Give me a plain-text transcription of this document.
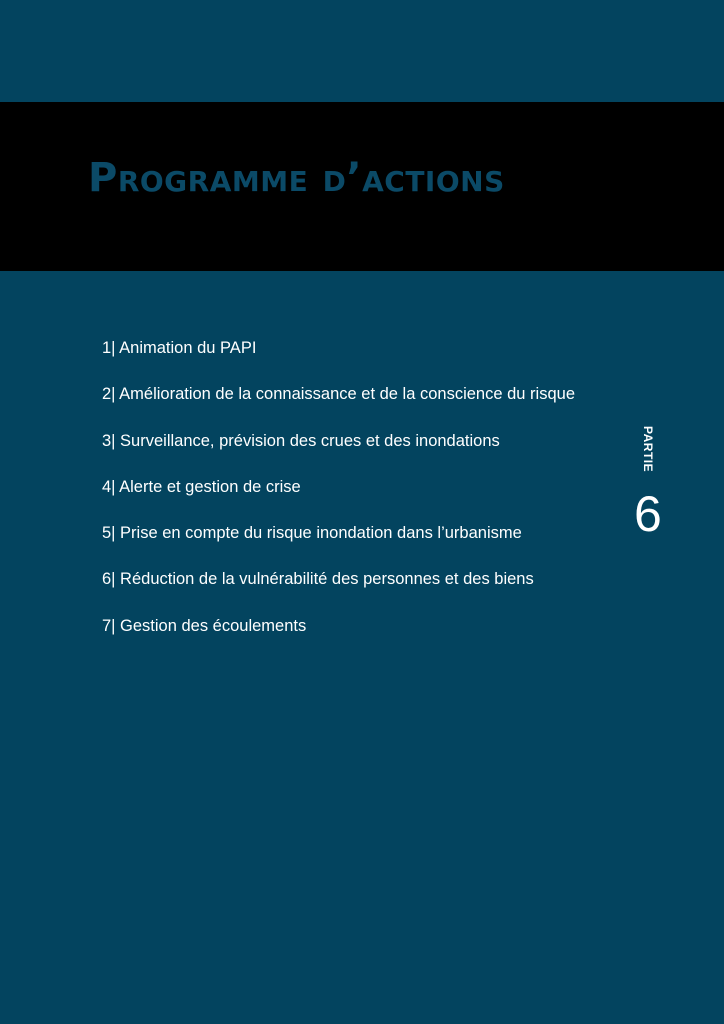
Programme d’actions
1| Animation du PAPI
2| Amélioration de la connaissance et de la conscience du risque
3| Surveillance, prévision des crues et des inondations
4| Alerte et gestion de crise
5| Prise en compte du risque inondation dans l’urbanisme
6| Réduction de la vulnérabilité des personnes et des biens
7| Gestion des écoulements
PARTIE
6
